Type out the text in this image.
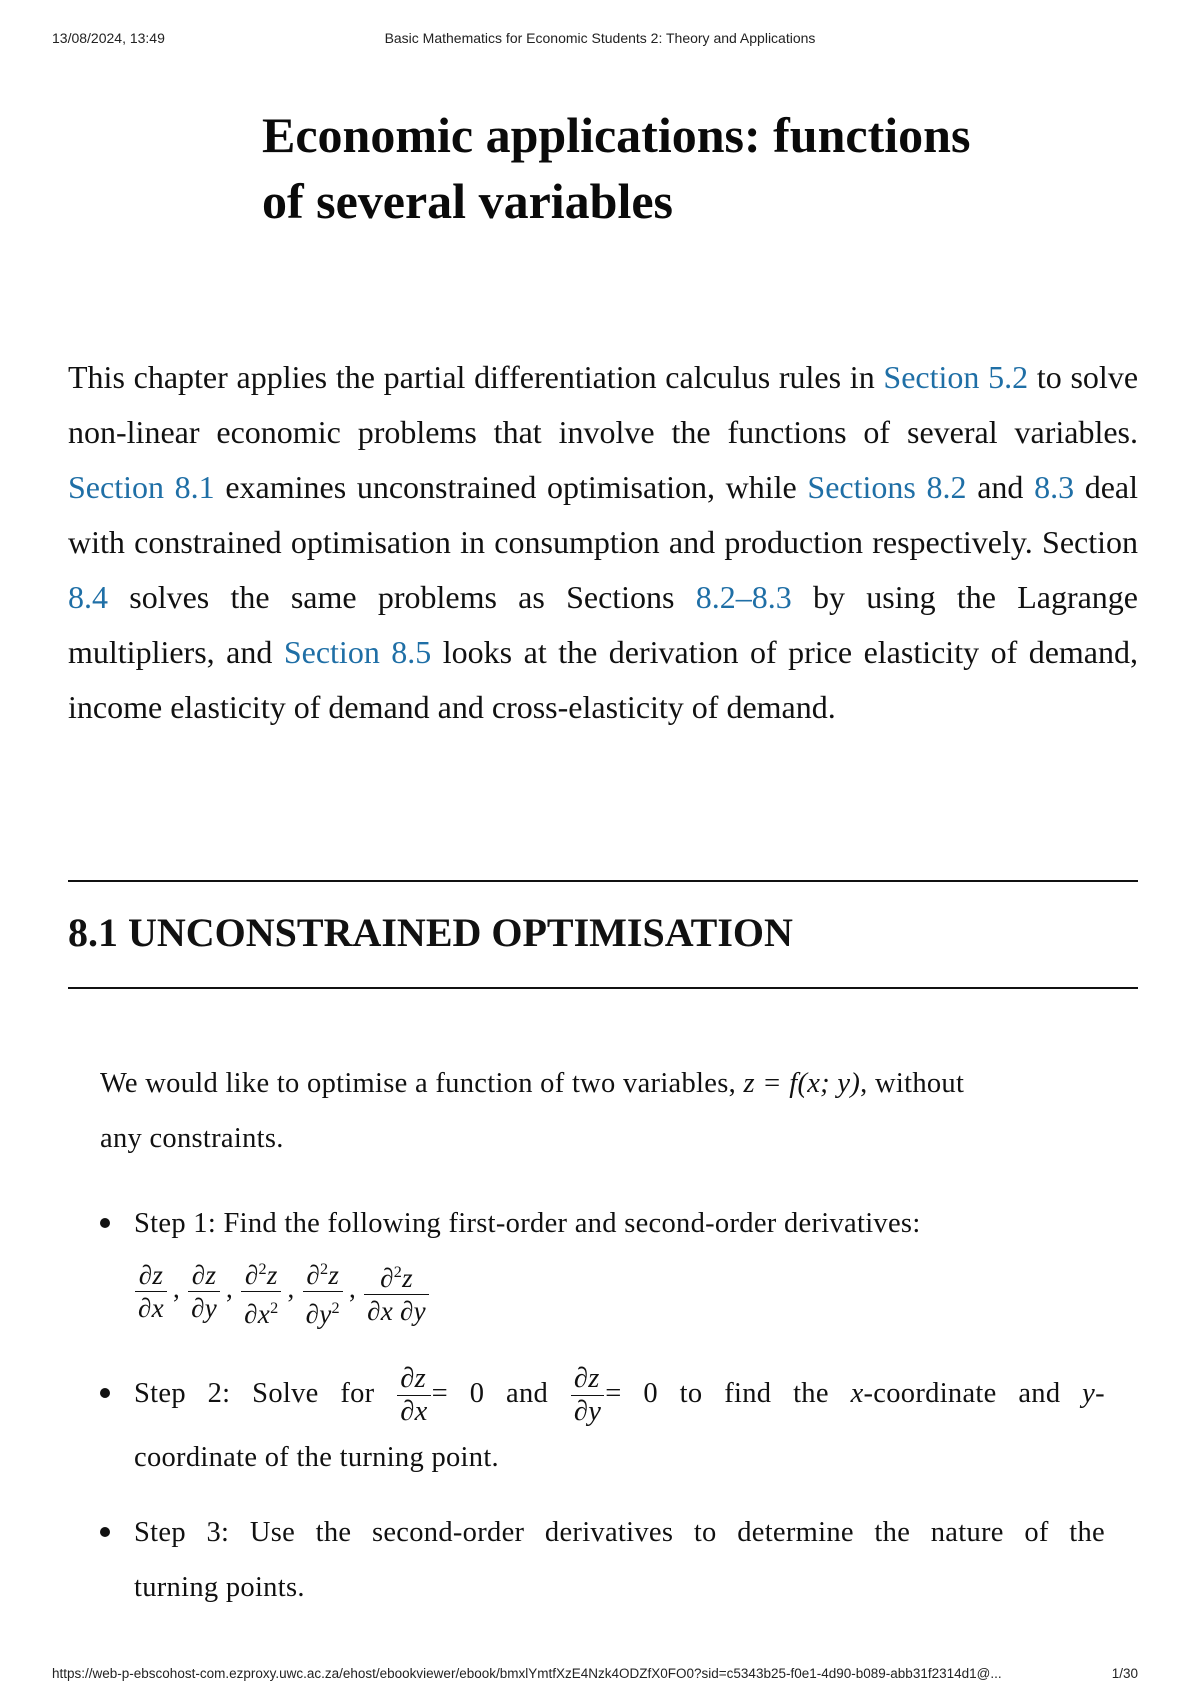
13/08/2024, 13:49	Basic Mathematics for Economic Students 2: Theory and Applications
Economic applications: functions
of several variables

This chapter applies the partial differentiation calculus rules in Section 5.2 to solve non-linear economic problems that involve the functions of several variables. Section 8.1 examines unconstrained optimisation, while Sections 8.2 and 8.3 deal with constrained optimisation in consumption and production respectively. Section 8.4 solves the same problems as Sections 8.2–8.3 by using the Lagrange multipliers, and Section 8.5 looks at the derivation of price elasticity of demand, income elasticity of demand and cross-elasticity of demand.

8.1 UNCONSTRAINED OPTIMISATION

We would like to optimise a function of two variables, z = f(x; y), without
any constraints.

Step 1: Find the following first-order and second-order derivatives:
$\frac{\partial z}{\partial x}$ , $\frac{\partial z}{\partial y}$ , $\frac{\partial^2z}{\partial x^2}$ , $\frac{\partial^2z}{\partial y^2}$ , $\frac{\partial^2z}{\partial x \partial y}$
Step 2: Solve for $\frac{\partial z}{\partial x} = 0$ and $\frac{\partial z}{\partial y} = 0$ to find the x-coordinate and y-
coordinate of the turning point.
Step 3: Use the second-order derivatives to determine the nature of the
turning points.
https://web-p-ebscohost-com.ezproxy.uwc.ac.za/ehost/ebookviewer/ebook/bmxlYmtfXzE4Nzk4ODZfX0FO0?sid=c5343b25-f0e1-4d90-b089-abb31f2314d1@...	1/30
